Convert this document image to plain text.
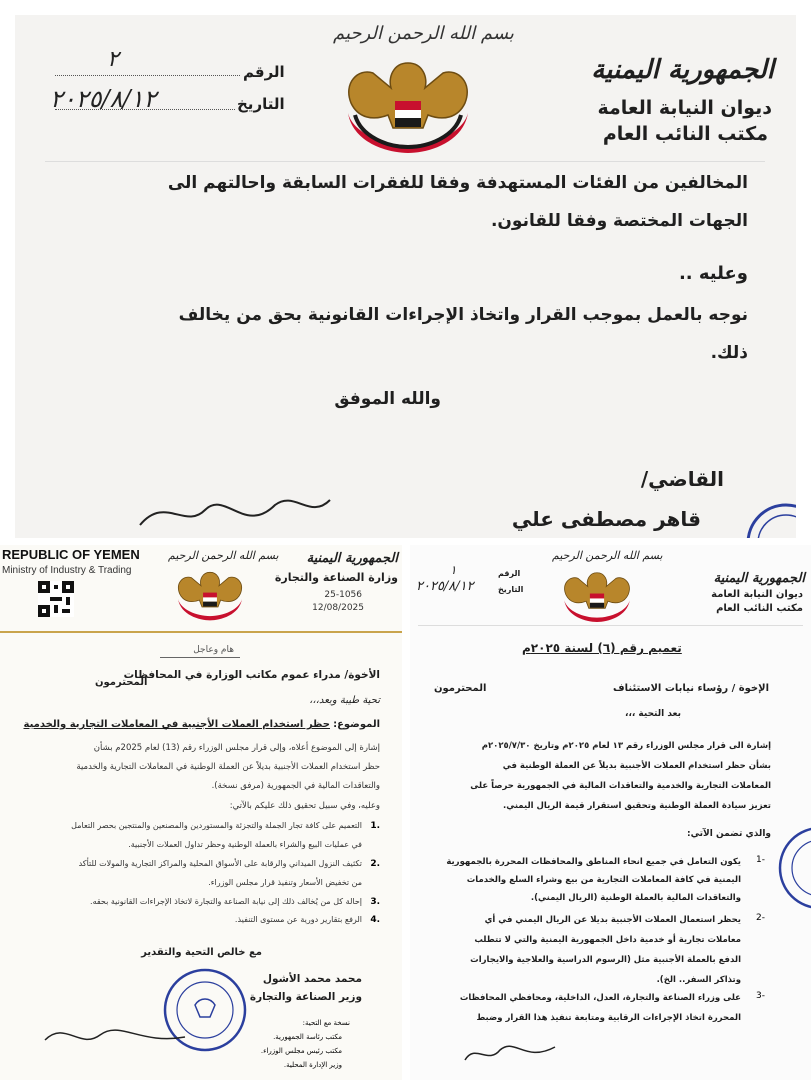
بسم الله الرحمن الرحيم
الجمهورية اليمنية
ديوان النيابة العامة
مكتب النائب العام
الرقم
٢
التاريخ
٢٠٢٥/٨/١٢
المخالفين من الفئات المستهدفة وفقا للفقرات السابقة واحالتهم الى
الجهات المختصة وفقا للقانون.
وعليه ..
نوجه بالعمل بموجب القرار واتخاذ الإجراءات القانونية بحق من يخالف
ذلك.
والله الموفق
القاضي/
قاهر مصطفى علي
REPUBLIC OF YEMEN
Ministry of Industry & Trading
بسم الله الرحمن الرحيم الجمهورية اليمنية
وزارة الصناعة والتجارة
25-1056
12/08/2025
هام وعاجل
الأخوة/ مدراء عموم مكاتب الوزارة في المحافظات
المحترمون
تحية طيبة وبعد،،،
الموضوع:
حظر استخدام العملات الأجنبية في المعاملات التجارية والخدمية
إشارة إلى الموضوع أعلاه، وإلى قرار مجلس الوزراء رقم (13) لعام 2025م بشأن
حظر استخدام العملات الأجنبية بديلاً عن العملة الوطنية في المعاملات التجارية والخدمية
والتعاقدات المالية في الجمهورية (مرفق نسخة).
وعليه، وفي سبيل تحقيق ذلك عليكم بالآتي:
1.
التعميم على كافة تجار الجملة والتجزئة والمستوردين والمصنعين والمنتجين بحصر التعامل
في عمليات البيع والشراء بالعملة الوطنية وحظر تداول العملات الأجنبية.
2.
تكثيف النزول الميداني والرقابة على الأسواق المحلية والمراكز التجارية والمولات للتأكد
من تخفيض الأسعار وتنفيذ قرار مجلس الوزراء.
3.
إحالة كل من يُخالف ذلك إلى نيابة الصناعة والتجارة لاتخاذ الإجراءات القانونية بحقه.
4.
الرفع بتقارير دورية عن مستوى التنفيذ.
مع خالص التحية والتقدير
محمد محمد الأشول
وزير الصناعة والتجارة
نسخة مع التحية:
مكتب رئاسة الجمهورية.
مكتب رئيس مجلس الوزراء.
وزير الإدارة المحلية.
بسم الله الرحمن الرحيم
الجمهورية اليمنية
ديوان النيابة العامة
مكتب النائب العام
الرقم
١
التاريخ
٢٠٢٥/٨/١٢
تعميم رقم (٦) لسنة ٢٠٢٥م
الإخوة / رؤساء نيابات الاستئناف
المحترمون
بعد التحية ،،،
إشارة الى قرار مجلس الوزراء رقم ١٣ لعام ٢٠٢٥م وتاريخ ٢٠٢٥/٧/٣٠م
بشأن حظر استخدام العملات الأجنبية بديلاً عن العملة الوطنية في
المعاملات التجارية والخدمية والتعاقدات المالية في الجمهورية حرصاً على
تعزيز سيادة العملة الوطنية وتحقيق استقرار قيمة الريال اليمني.
والذي تضمن الآتي:
1-
يكون التعامل في جميع انحاء المناطق والمحافظات المحررة بالجمهورية
اليمنية في كافة المعاملات التجارية من بيع وشراء السلع والخدمات
والتعاقدات المالية بالعملة الوطنية (الريال اليمني).
2-
يحظر استعمال العملات الأجنبية بديلا عن الريال اليمني في أي
معاملات تجارية أو خدمية داخل الجمهورية اليمنية والتي لا تتطلب
الدفع بالعملة الأجنبية مثل (الرسوم الدراسية والعلاجية والايجارات
وتذاكر السفر.. الخ).
3-
على وزراء الصناعة والتجارة، العدل، الداخلية، ومحافظي المحافظات
المحررة اتخاذ الإجراءات الرقابية ومتابعة تنفيذ هذا القرار وضبط
